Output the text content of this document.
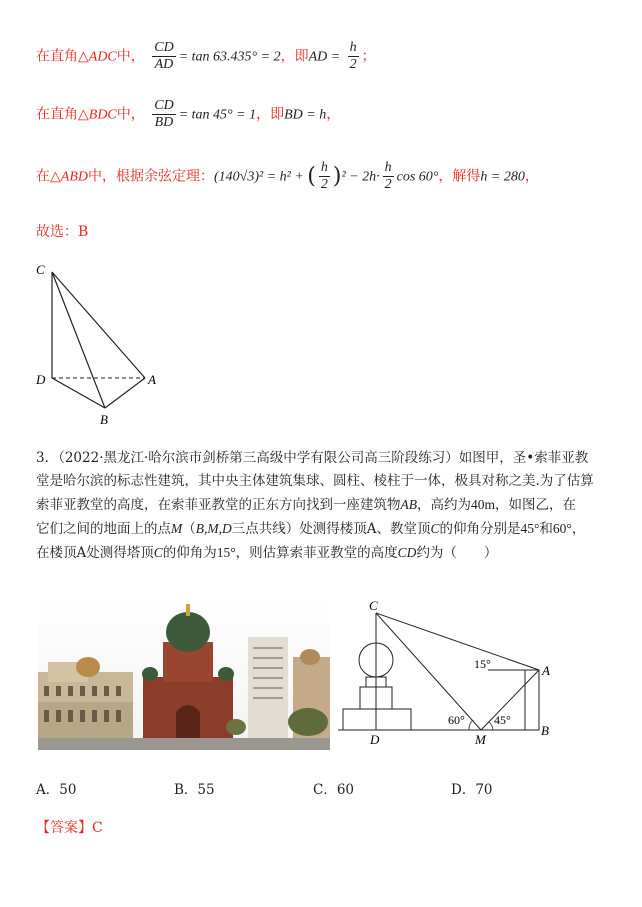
在直角△ADC中， $\frac{CD}{AD} = \tan 63.435^\circ = 2$，即AD = $\frac{h}{2}$ ；
在直角△BDC中， $\frac{CD}{BD} = \tan 45^\circ = 1$，即BD = h，
在△ABD中，根据余弦定理：(140√3)² = h² + ( $\frac{h}{2} )^2 - 2h\cdot \frac{h}{2}$ cos 60°，解得h = 280，
故选：B
C
D	A
B
3．（2022·黑龙江·哈尔滨市剑桥第三高级中学有限公司高三阶段练习）如图甲，圣•索菲亚教
堂是哈尔滨的标志性建筑，其中央主体建筑集球、圆柱、棱柱于一体，极具对称之美.为了估算
索菲亚教堂的高度，在索菲亚教堂的正东方向找到一座建筑物AB，高约为40m，如图乙，在
它们之间的地面上的点M（B,M,D三点共线）处测得楼顶A、教堂顶C的仰角分别是45°和60°，
在楼顶A处测得塔顶C的仰角为15°，则估算索菲亚教堂的高度CD约为（　　）
C
A
D	M
B
15°
60° 45°
A．50	B．55	C．60	D．70
【答案】C
